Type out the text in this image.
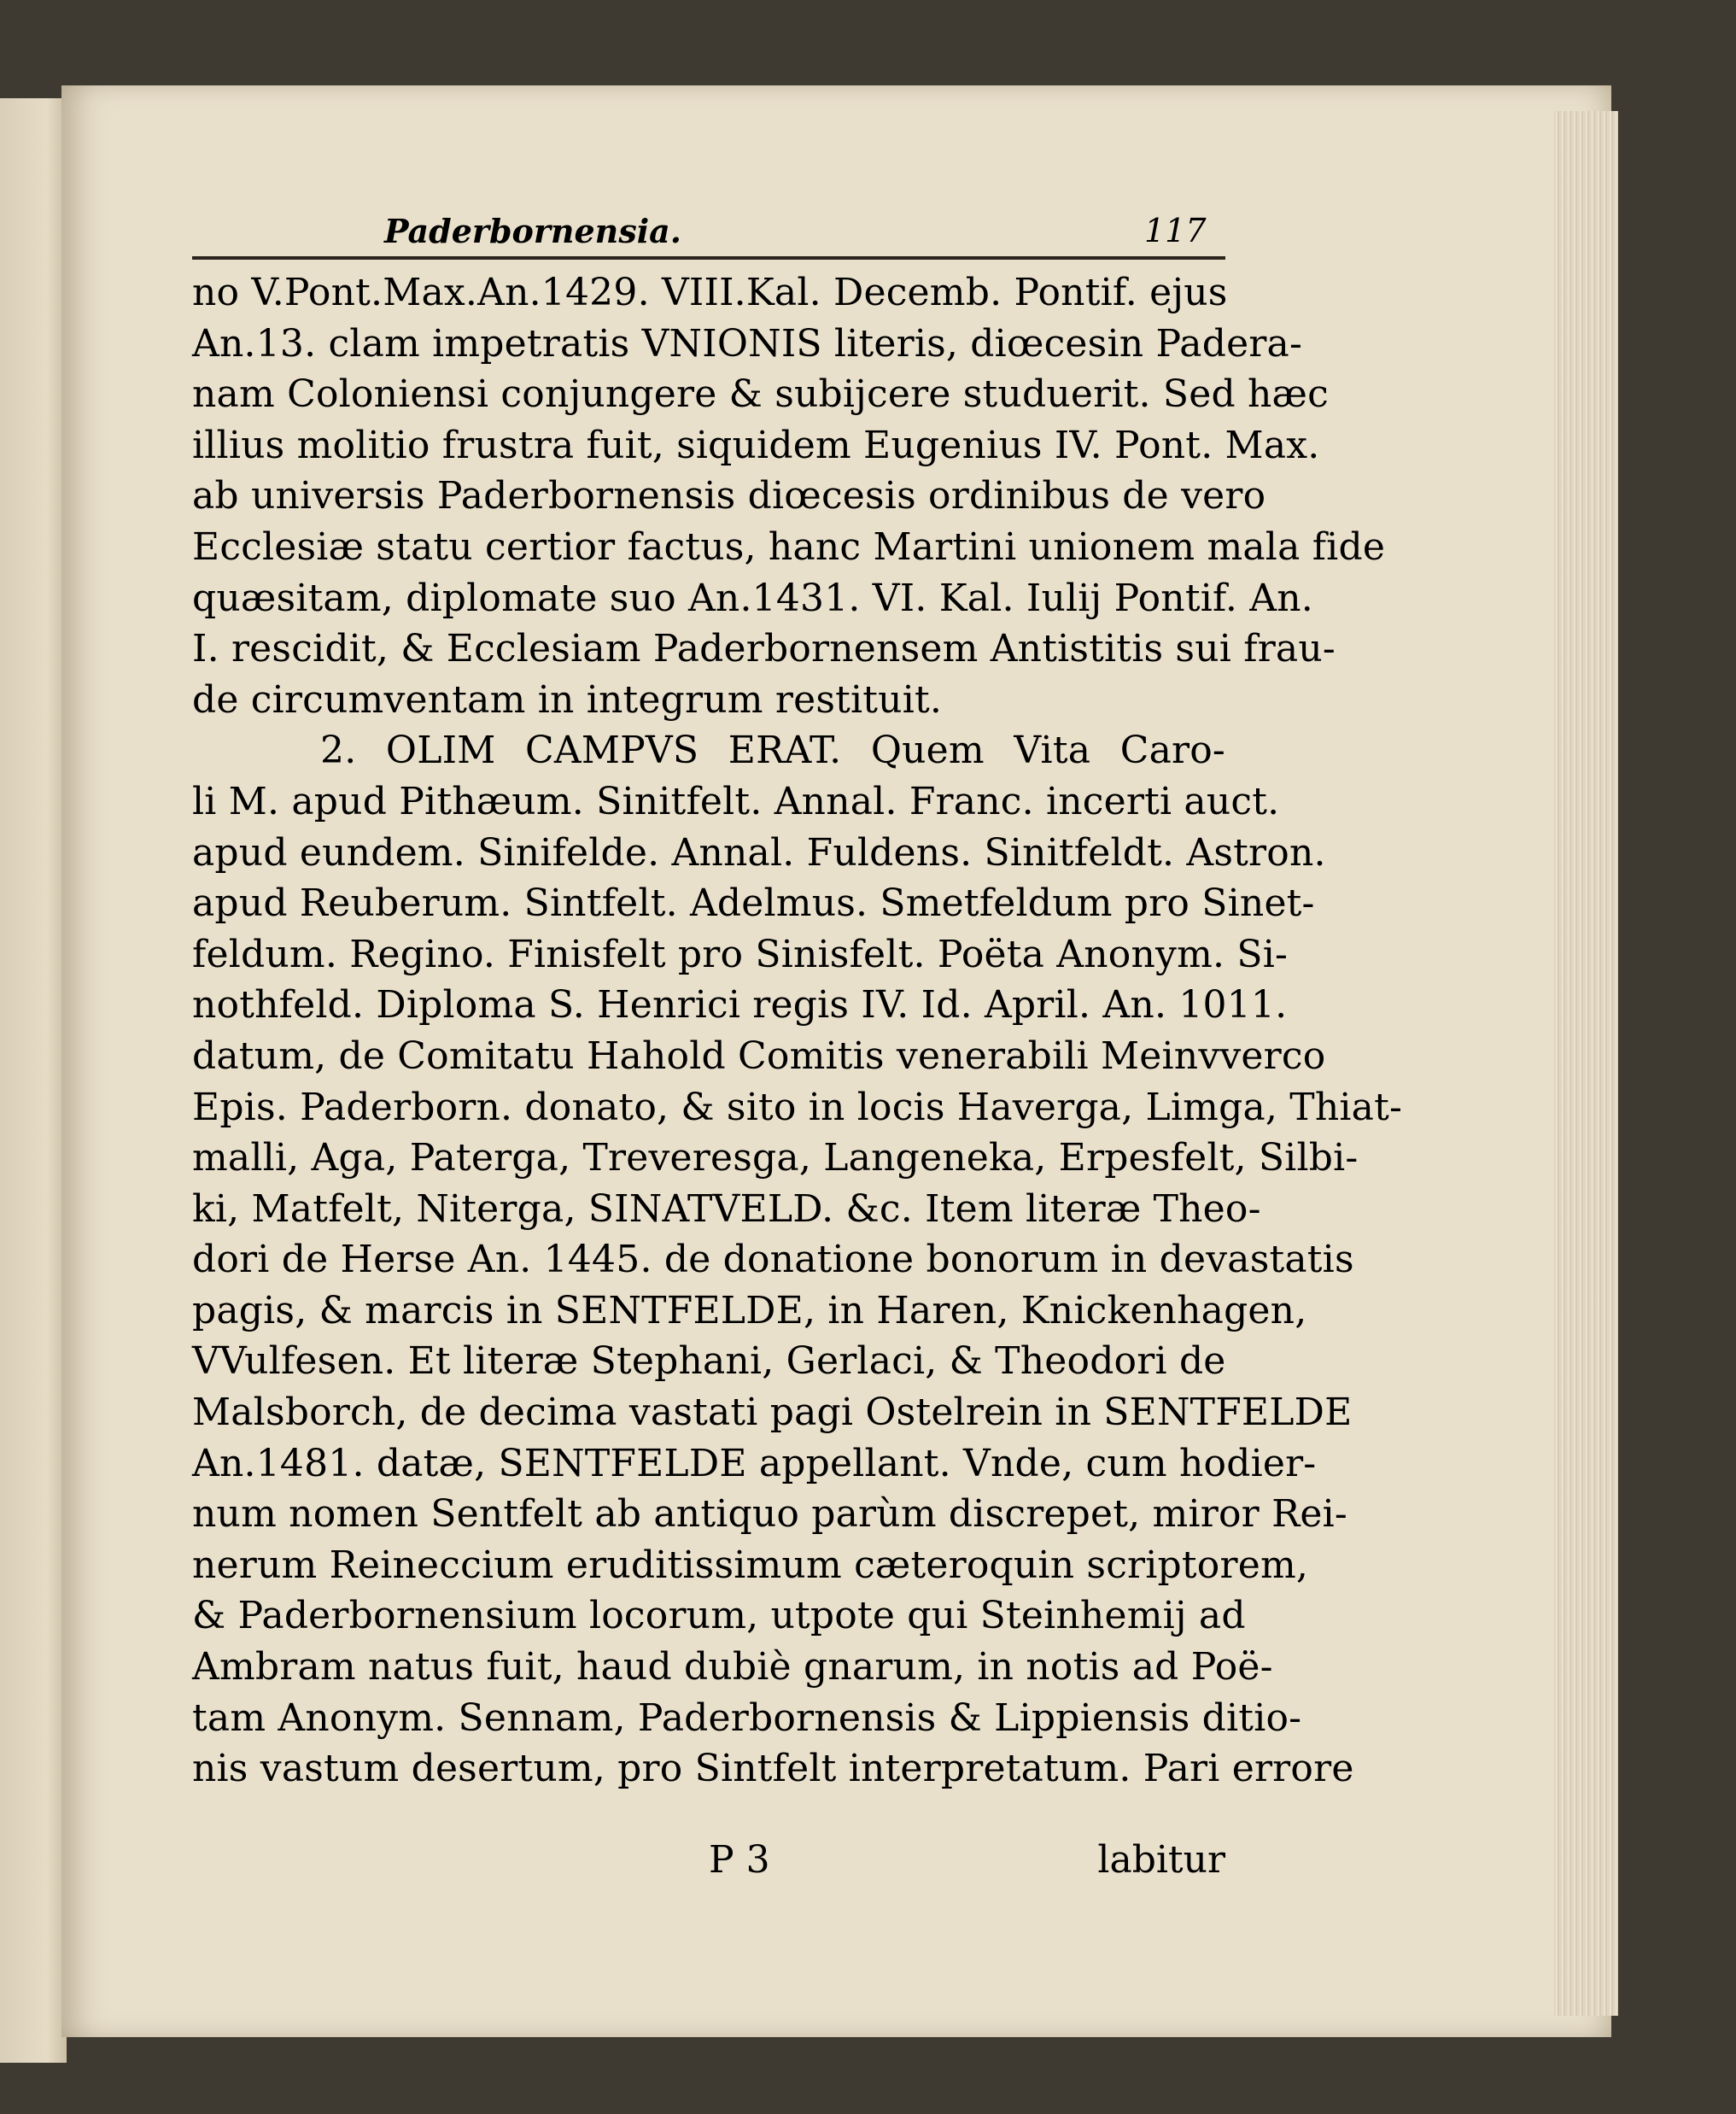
Paderbornensia.	117
no V.Pont.Max.An.1429. VIII.Kal. Decemb. Pontif. ejus
An.13. clam impetratis VNIONIS literis, diœcesin Padera-
nam Coloniensi conjungere & subijcere studuerit. Sed hæc
illius molitio frustra fuit, siquidem Eugenius IV. Pont. Max.
ab universis Paderbornensis diœcesis ordinibus de vero
Ecclesiæ statu certior factus, hanc Martini unionem mala fide
quæsitam, diplomate suo An.1431. VI. Kal. Iulij Pontif. An.
I. rescidit, & Ecclesiam Paderbornensem Antistitis sui frau-
de circumventam in integrum restituit.
2. OLIM CAMPVS ERAT. Quem Vita Caro-
li M. apud Pithæum. Sinitfelt. Annal. Franc. incerti auct.
apud eundem. Sinifelde. Annal. Fuldens. Sinitfeldt. Astron.
apud Reuberum. Sintfelt. Adelmus. Smetfeldum pro Sinet-
feldum. Regino. Finisfelt pro Sinisfelt. Poëta Anonym. Si-
nothfeld. Diploma S. Henrici regis IV. Id. April. An. 1011.
datum, de Comitatu Hahold Comitis venerabili Meinvverco
Epis. Paderborn. donato, & sito in locis Haverga, Limga, Thiat-
malli, Aga, Paterga, Treveresga, Langeneka, Erpesfelt, Silbi-
ki, Matfelt, Niterga, SINATVELD. &c. Item literæ Theo-
dori de Herse An. 1445. de donatione bonorum in devastatis
pagis, & marcis in SENTFELDE, in Haren, Knickenhagen,
VVulfesen. Et literæ Stephani, Gerlaci, & Theodori de
Malsborch, de decima vastati pagi Ostelrein in SENTFELDE
An.1481. datæ, SENTFELDE appellant. Vnde, cum hodier-
num nomen Sentfelt ab antiquo parùm discrepet, miror Rei-
nerum Reineccium eruditissimum cæteroquin scriptorem,
& Paderbornensium locorum, utpote qui Steinhemij ad
Ambram natus fuit, haud dubiè gnarum, in notis ad Poë-
tam Anonym. Sennam, Paderbornensis & Lippiensis ditio-
nis vastum desertum, pro Sintfelt interpretatum. Pari errore
P 3	labitur
